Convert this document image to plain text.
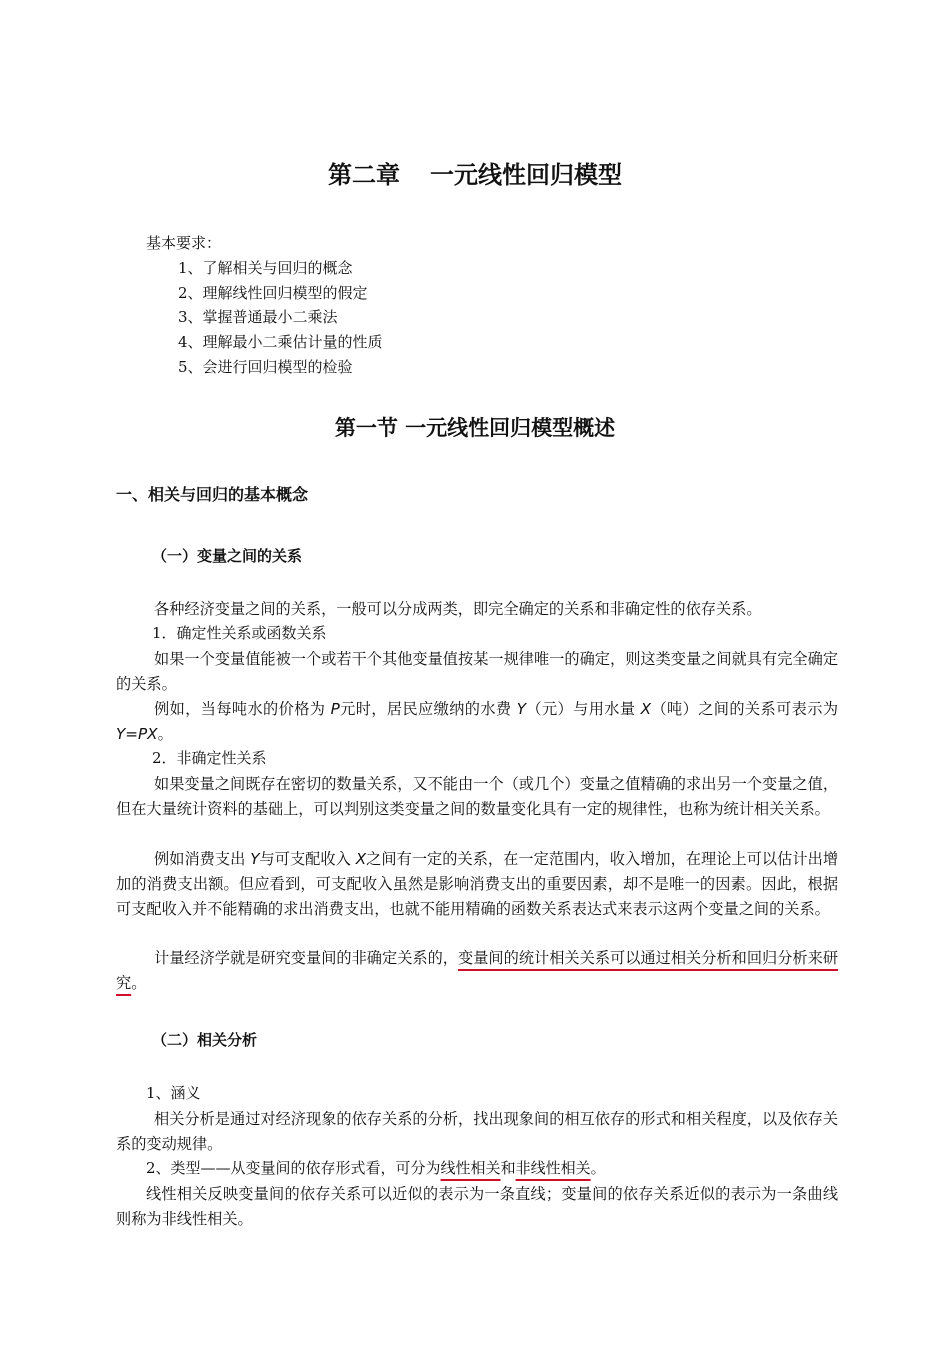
第二章 一元线性回归模型
基本要求：
1、了解相关与回归的概念
2、理解线性回归模型的假定
3、掌握普通最小二乘法
4、理解最小二乘估计量的性质
5、会进行回归模型的检验
第一节 一元线性回归模型概述
一、相关与回归的基本概念
（一）变量之间的关系
各种经济变量之间的关系，一般可以分成两类，即完全确定的关系和非确定性的依存关系。
1．确定性关系或函数关系
如果一个变量值能被一个或若干个其他变量值按某一规律唯一的确定，则这类变量之间就具有完全确定的关系。
例如，当每吨水的价格为 P元时，居民应缴纳的水费 Y（元）与用水量 X（吨）之间的关系可表示为 Y=PX。
2．非确定性关系
如果变量之间既存在密切的数量关系，又不能由一个（或几个）变量之值精确的求出另一个变量之值，但在大量统计资料的基础上，可以判别这类变量之间的数量变化具有一定的规律性，也称为统计相关关系。
例如消费支出 Y与可支配收入 X之间有一定的关系，在一定范围内，收入增加，在理论上可以估计出增加的消费支出额。但应看到，可支配收入虽然是影响消费支出的重要因素，却不是唯一的因素。因此，根据可支配收入并不能精确的求出消费支出，也就不能用精确的函数关系表达式来表示这两个变量之间的关系。
计量经济学就是研究变量间的非确定关系的，变量间的统计相关关系可以通过相关分析和回归分析来研究。
（二）相关分析
1、涵义
相关分析是通过对经济现象的依存关系的分析，找出现象间的相互依存的形式和相关程度，以及依存关系的变动规律。
2、类型——从变量间的依存形式看，可分为线性相关和非线性相关。
线性相关反映变量间的依存关系可以近似的表示为一条直线；变量间的依存关系近似的表示为一条曲线则称为非线性相关。
